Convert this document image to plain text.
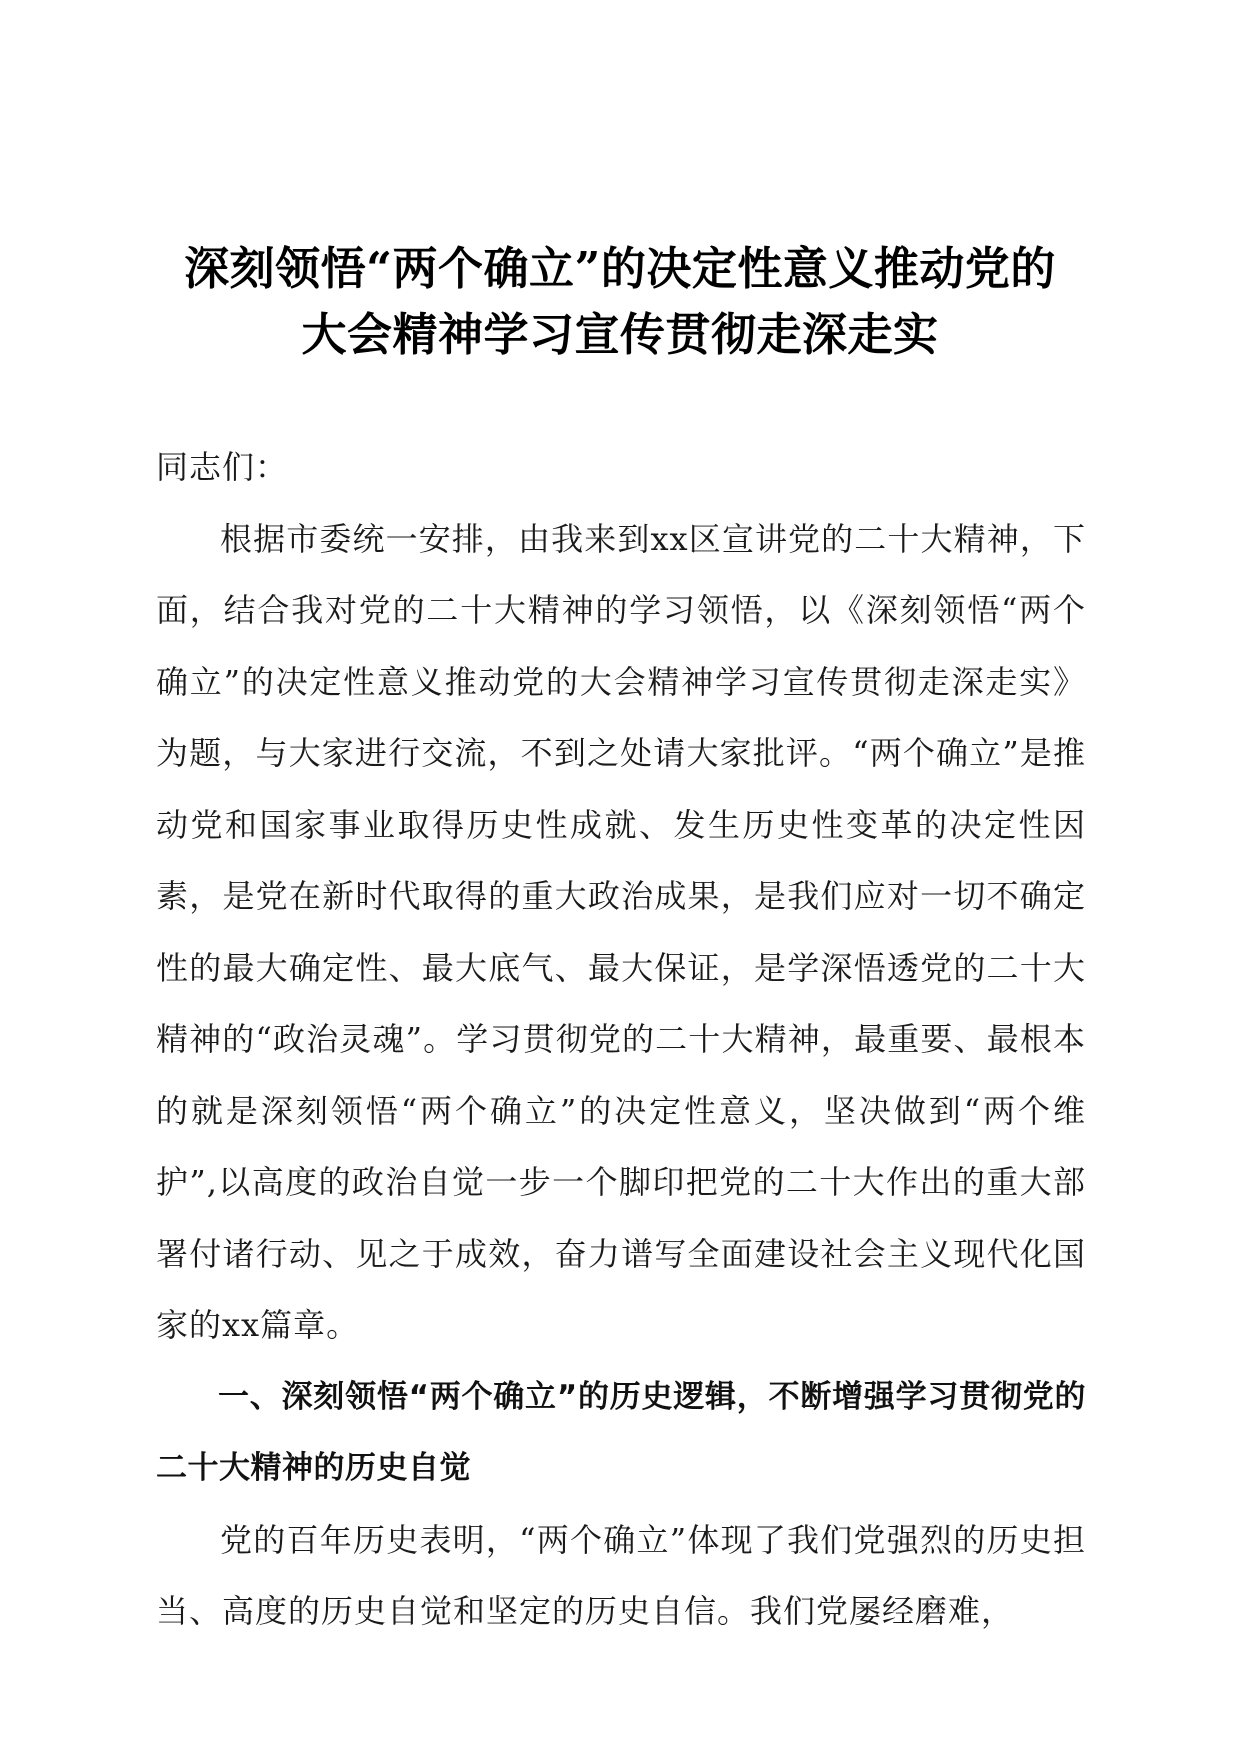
深刻领悟“两个确立”的决定性意义推动党的
大会精神学习宣传贯彻走深走实

同志们：

根据市委统一安排，由我来到xx区宣讲党的二十大精神，下面，结合我对党的二十大精神的学习领悟，以《深刻领悟“两个确立”的决定性意义推动党的大会精神学习宣传贯彻走深走实》为题，与大家进行交流，不到之处请大家批评。“两个确立”是推动党和国家事业取得历史性成就、发生历史性变革的决定性因素，是党在新时代取得的重大政治成果，是我们应对一切不确定性的最大确定性、最大底气、最大保证，是学深悟透党的二十大精神的“政治灵魂”。学习贯彻党的二十大精神，最重要、最根本的就是深刻领悟“两个确立”的决定性意义，坚决做到“两个维护”,以高度的政治自觉一步一个脚印把党的二十大作出的重大部署付诸行动、见之于成效，奋力谱写全面建设社会主义现代化国家的xx篇章。

一、深刻领悟“两个确立”的历史逻辑，不断增强学习贯彻党的二十大精神的历史自觉

党的百年历史表明，“两个确立”体现了我们党强烈的历史担当、高度的历史自觉和坚定的历史自信。我们党屡经磨难，
